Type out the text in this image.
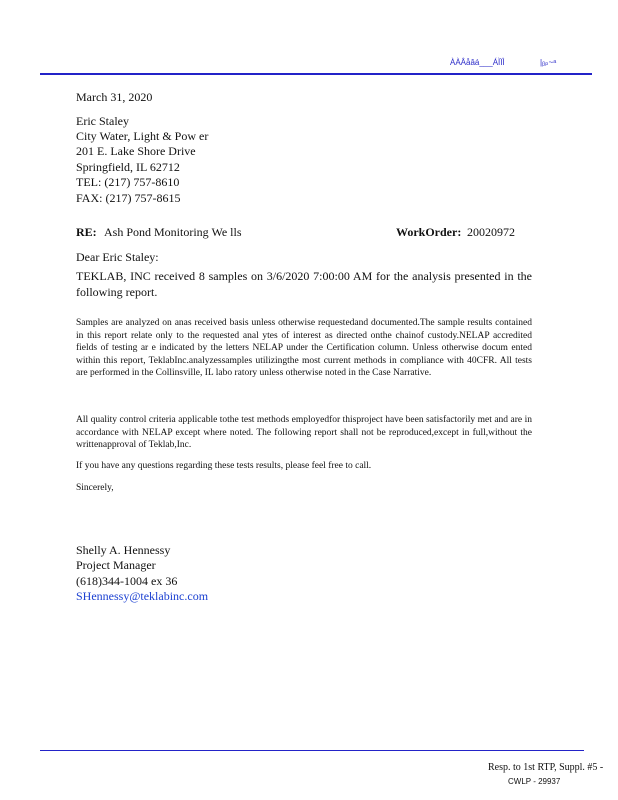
ÀÀÂåâá___ÁÌÏÌ	|ᵦₚ~ᵃ
March 31, 2020
Eric Staley
City Water, Light & Pow er
201 E. Lake Shore Drive
Springfield, IL 62712
TEL: (217) 757-8610
FAX: (217) 757-8615
RE: Ash Pond Monitoring We lls	WorkOrder: 20020972
Dear Eric Staley:
TEKLAB, INC received 8 samples on 3/6/2020 7:00:00 AM for the analysis presented in the following report.
Samples are analyzed on anas received basis unless otherwise requestedand documented.The sample results contained in this report relate only to the requested anal ytes of interest as directed onthe chainof custody.NELAP accredited fields of testing ar e indicated by the letters NELAP under the Certification column. Unless otherwise docum ented within this report, TeklabInc.analyzessamples utilizingthe most current methods in compliance with 40CFR. All tests are performed in the Collinsville, IL labo ratory unless otherwise noted in the Case Narrative.
All quality control criteria applicable tothe test methods employedfor thisproject have been satisfactorily met and are in accordance with NELAP except where noted. The following report shall not be reproduced,except in full,without the writtenapproval of Teklab,Inc.
If you have any questions regarding these tests results, please feel free to call.
Sincerely,
Shelly A. Hennessy
Project Manager
(618)344-1004 ex 36
SHennessy@teklabinc.com
Resp. to 1st RTP, Suppl. #5 -
CWLP - 29937
